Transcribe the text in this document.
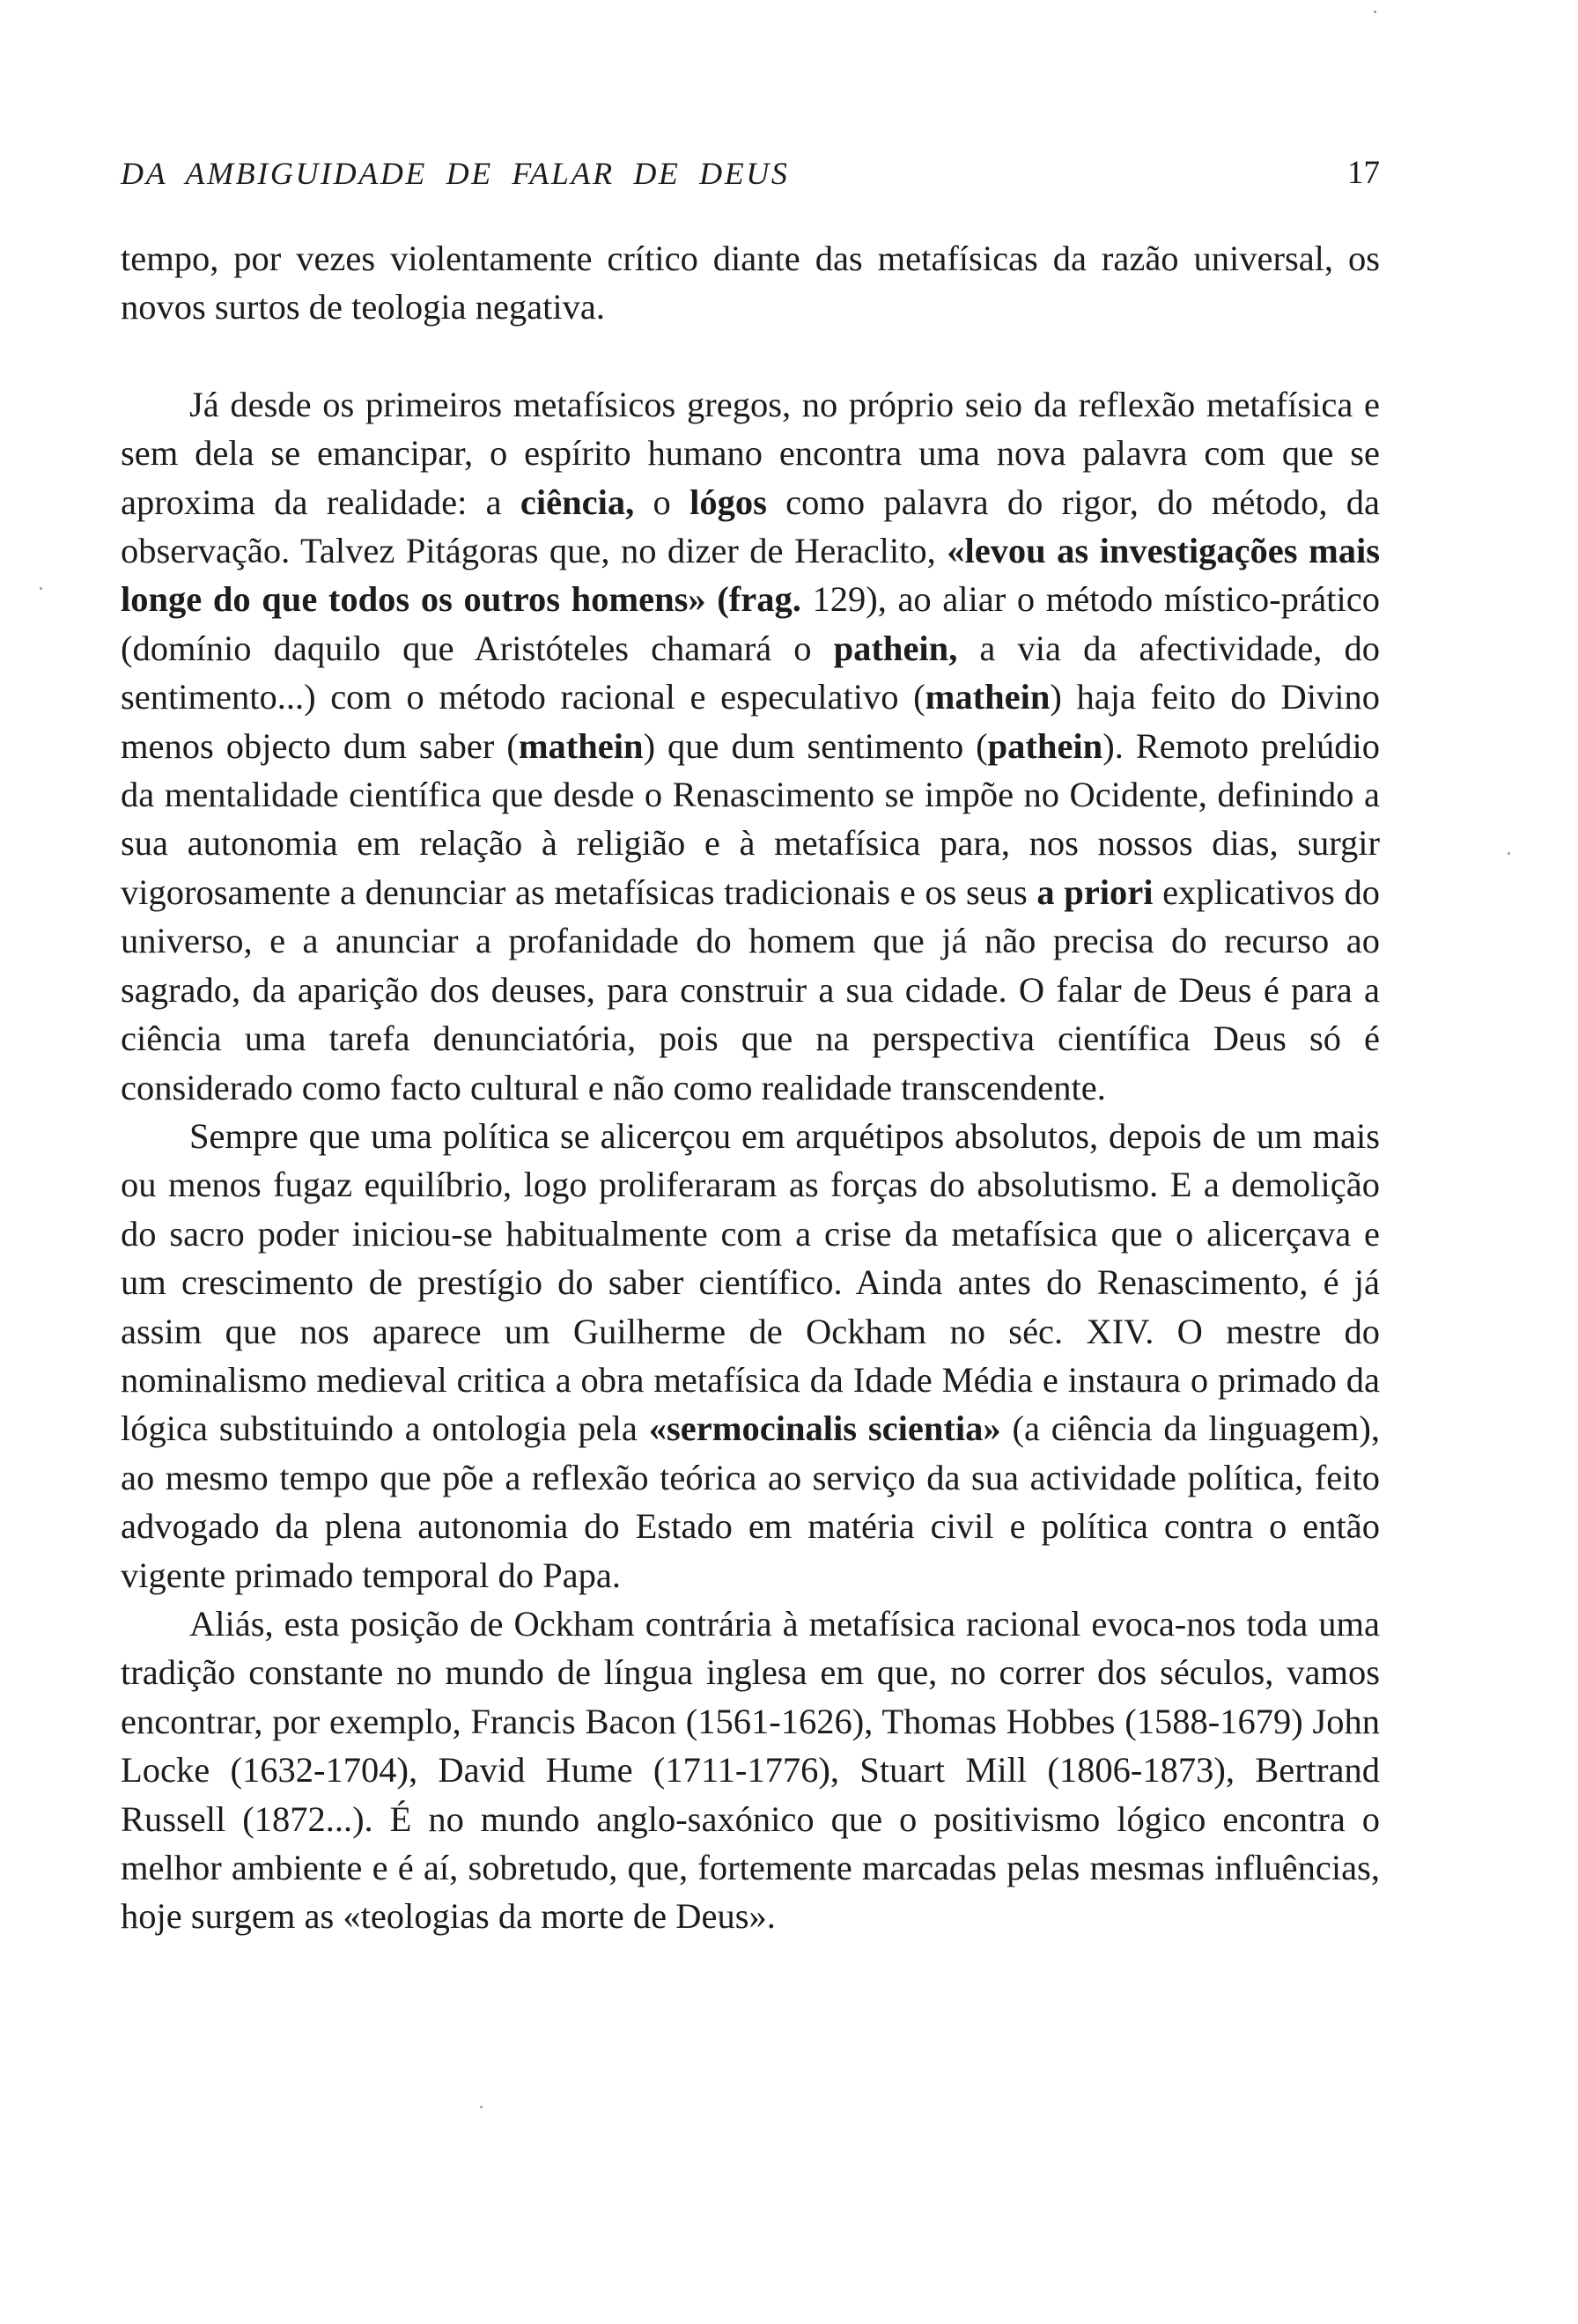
DA AMBIGUIDADE DE FALAR DE DEUS	17

tempo, por vezes violentamente crítico diante das metafísicas da razão universal, os novos surtos de teologia negativa.

Já desde os primeiros metafísicos gregos, no próprio seio da reflexão metafísica e sem dela se emancipar, o espírito humano encontra uma nova palavra com que se aproxima da realidade: a ciência, o lógos como palavra do rigor, do método, da observação. Talvez Pitágoras que, no dizer de Heraclito, «levou as investigações mais longe do que todos os outros homens» (frag. 129), ao aliar o método místico-prático (domínio daquilo que Aristóteles chamará o pathein, a via da afectividade, do sentimento...) com o método racional e especulativo (mathein) haja feito do Divino menos objecto dum saber (mathein) que dum sentimento (pathein). Remoto prelúdio da mentalidade científica que desde o Renascimento se impõe no Ocidente, definindo a sua autonomia em relação à religião e à metafísica para, nos nossos dias, surgir vigorosamente a denunciar as metafísicas tradicionais e os seus a priori explicativos do universo, e a anunciar a profanidade do homem que já não precisa do recurso ao sagrado, da aparição dos deuses, para construir a sua cidade. O falar de Deus é para a ciência uma tarefa denunciatória, pois que na perspectiva científica Deus só é considerado como facto cultural e não como realidade transcendente.

Sempre que uma política se alicerçou em arquétipos absolutos, depois de um mais ou menos fugaz equilíbrio, logo proliferaram as forças do absolutismo. E a demolição do sacro poder iniciou-se habitualmente com a crise da metafísica que o alicerçava e um crescimento de prestígio do saber científico. Ainda antes do Renascimento, é já assim que nos aparece um Guilherme de Ockham no séc. XIV. O mestre do nominalismo medieval critica a obra metafísica da Idade Média e instaura o primado da lógica substituindo a ontologia pela «sermocinalis scientia» (a ciência da linguagem), ao mesmo tempo que põe a reflexão teórica ao serviço da sua actividade política, feito advogado da plena autonomia do Estado em matéria civil e política contra o então vigente primado temporal do Papa.

Aliás, esta posição de Ockham contrária à metafísica racional evoca-nos toda uma tradição constante no mundo de língua inglesa em que, no correr dos séculos, vamos encontrar, por exemplo, Francis Bacon (1561-1626), Thomas Hobbes (1588-1679) John Locke (1632-1704), David Hume (1711-1776), Stuart Mill (1806-1873), Bertrand Russell (1872...). É no mundo anglo-saxónico que o positivismo lógico encontra o melhor ambiente e é aí, sobretudo, que, fortemente marcadas pelas mesmas influências, hoje surgem as «teologias da morte de Deus».
